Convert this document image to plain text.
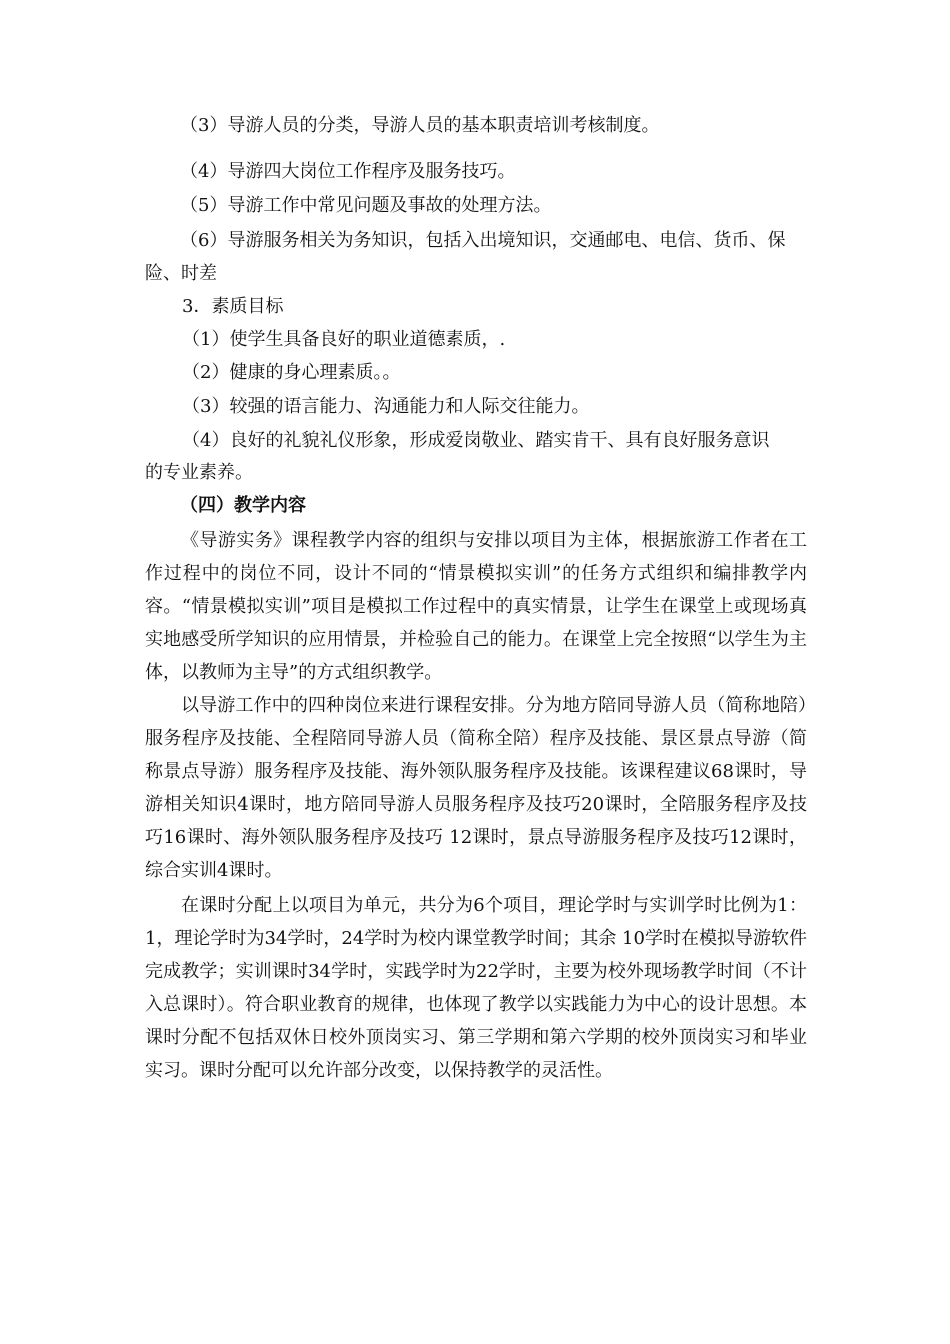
（3）导游人员的分类，导游人员的基本职责培训考核制度。
（4）导游四大岗位工作程序及服务技巧。
（5）导游工作中常见问题及事故的处理方法。
（6）导游服务相关为务知识，包括入出境知识，交通邮电、电信、货币、保
险、时差
3．素质目标
（1）使学生具备良好的职业道德素质，.
（2）健康的身心理素质。。
（3）较强的语言能力、沟通能力和人际交往能力。
（4）良好的礼貌礼仪形象，形成爱岗敬业、踏实肯干、具有良好服务意识
的专业素养。
（四）教学内容
《导游实务》课程教学内容的组织与安排以项目为主体，根据旅游工作者在工作过程中的岗位不同，设计不同的“情景模拟实训”的任务方式组织和编排教学内容。“情景模拟实训”项目是模拟工作过程中的真实情景，让学生在课堂上或现场真实地感受所学知识的应用情景，并检验自己的能力。在课堂上完全按照“以学生为主体，以教师为主导”的方式组织教学。
以导游工作中的四种岗位来进行课程安排。分为地方陪同导游人员（简称地陪）服务程序及技能、全程陪同导游人员（简称全陪）程序及技能、景区景点导游（简称景点导游）服务程序及技能、海外领队服务程序及技能。该课程建议68课时，导游相关知识4课时，地方陪同导游人员服务程序及技巧20课时，全陪服务程序及技巧16课时、海外领队服务程序及技巧 12课时，景点导游服务程序及技巧12课时，综合实训4课时。
在课时分配上以项目为单元，共分为6个项目，理论学时与实训学时比例为1：1，理论学时为34学时，24学时为校内课堂教学时间；其余 10学时在模拟导游软件完成教学；实训课时34学时，实践学时为22学时，主要为校外现场教学时间（不计入总课时）。符合职业教育的规律，也体现了教学以实践能力为中心的设计思想。本课时分配不包括双休日校外顶岗实习、第三学期和第六学期的校外顶岗实习和毕业实习。课时分配可以允许部分改变，以保持教学的灵活性。
